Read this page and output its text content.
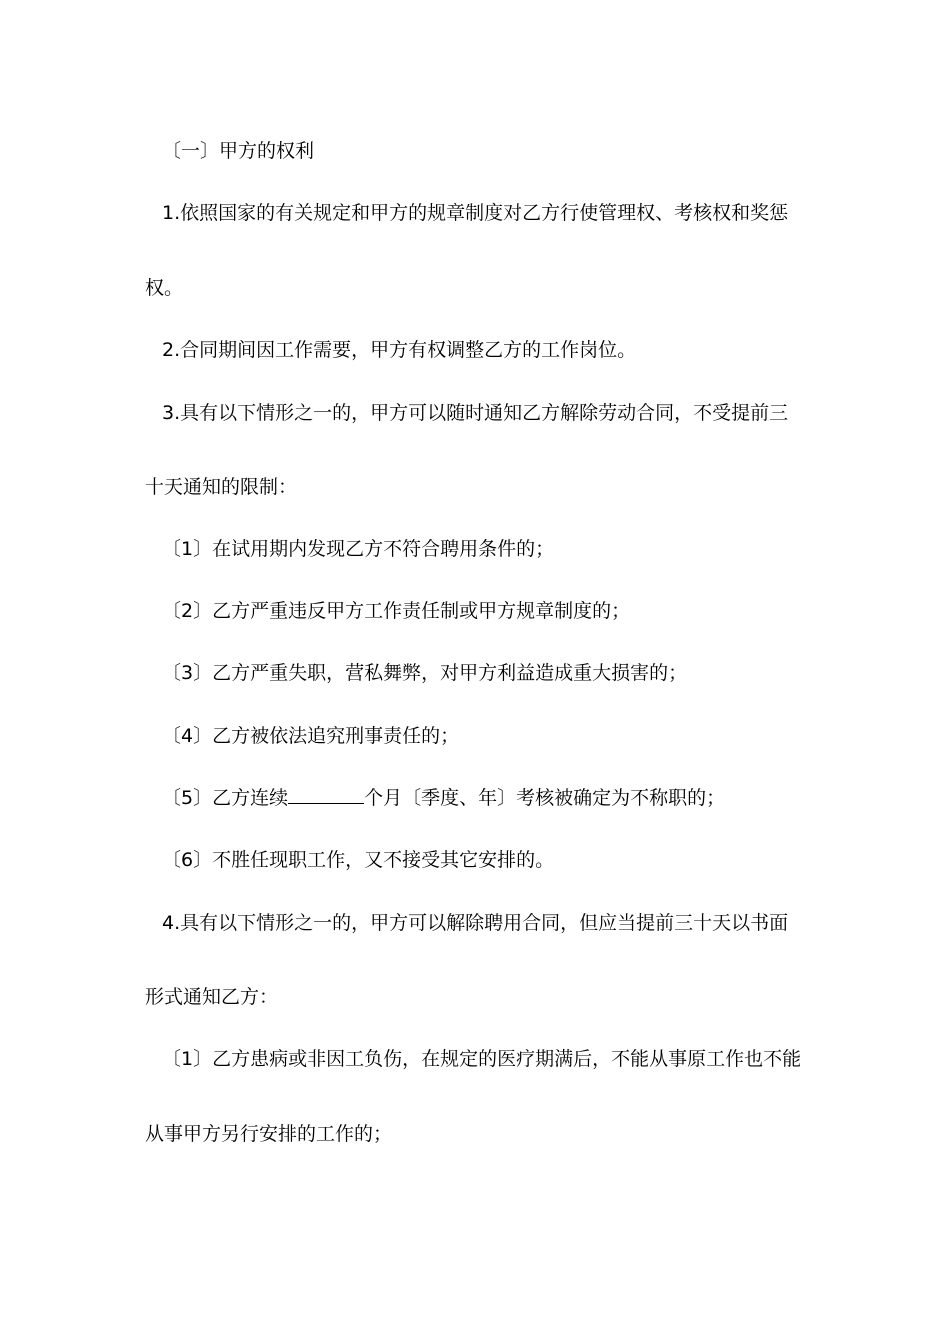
〔一〕甲方的权利
1.依照国家的有关规定和甲方的规章制度对乙方行使管理权、考核权和奖惩
权。
2.合同期间因工作需要，甲方有权调整乙方的工作岗位。
3.具有以下情形之一的，甲方可以随时通知乙方解除劳动合同，不受提前三
十天通知的限制：
〔1〕在试用期内发现乙方不符合聘用条件的；
〔2〕乙方严重违反甲方工作责任制或甲方规章制度的；
〔3〕乙方严重失职，营私舞弊，对甲方利益造成重大损害的；
〔4〕乙方被依法追究刑事责任的；
〔5〕乙方连续	个月〔季度、年〕考核被确定为不称职的；
〔6〕不胜任现职工作，又不接受其它安排的。
4.具有以下情形之一的，甲方可以解除聘用合同，但应当提前三十天以书面
形式通知乙方：
〔1〕乙方患病或非因工负伤，在规定的医疗期满后，不能从事原工作也不能
从事甲方另行安排的工作的；
